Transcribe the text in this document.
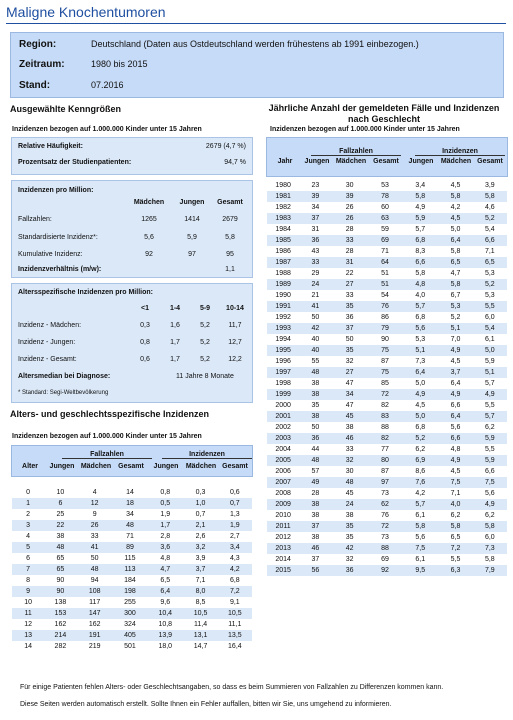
Maligne Knochentumoren
Region:	Deutschland (Daten aus Ostdeutschland werden frühestens ab 1991 einbezogen.)
Zeitraum:	1980 bis 2015
Stand:	07.2016
Ausgewählte Kenngrößen
Inzidenzen bezogen auf 1.000.000 Kinder unter 15 Jahren
Relative Häufigkeit:	2679 (4,7 %)
Prozentsatz der Studienpatienten:	94,7 %
Inzidenzen pro Million:
Mädchen	Jungen	Gesamt
Fallzahlen:	1265	1414	2679
Standardisierte Inzidenz*:	5,6	5,9	5,8
Kumulative Inzidenz:	92	97	95
Inzidenzverhältnis (m/w):	1,1
Altersspezifische Inzidenzen pro Million:
<1	1-4	5-9	10-14
Inzidenz - Mädchen:	0,3	1,6	5,2	11,7
Inzidenz - Jungen:	0,8	1,7	5,2	12,7
Inzidenz - Gesamt:	0,6	1,7	5,2	12,2
Altersmedian bei Diagnose:	11 Jahre 8 Monate
* Standard: Segi-Weltbevölkerung
Alters- und geschlechtsspezifische Inzidenzen
Inzidenzen bezogen auf 1.000.000 Kinder unter 15 Jahren
Fallzahlen	Inzidenzen
Alter	Jungen Mädchen Gesamt	Jungen	Mädchen Gesamt
0	10	4	14	0,8	0,3	0,6
1	6	12	18	0,5	1,0	0,7
2	25	9	34	1,9	0,7	1,3
3	22	26	48	1,7	2,1	1,9
4	38	33	71	2,8	2,6	2,7
5	48	41	89	3,6	3,2	3,4
6	65	50	115	4,8	3,9	4,3
7	65	48	113	4,7	3,7	4,2
8	90	94	184	6,5	7,1	6,8
9	90	108	198	6,4	8,0	7,2
10	138	117	255	9,6	8,5	9,1
11	153	147	300	10,4	10,5	10,5
12	162	162	324	10,8	11,4	11,1
13	214	191	405	13,9	13,1	13,5
14	282	219	501	18,0	14,7	16,4
Jährliche Anzahl der gemeldeten Fälle und Inzidenzen
nach Geschlecht
Inzidenzen bezogen auf 1.000.000 Kinder unter 15 Jahren
Fallzahlen	Inzidenzen
Jahr	Jungen Mädchen Gesamt	Jungen	Mädchen Gesamt
1980	23	30	53	3,4	4,5	3,9
1981	39	39	78	5,8	5,8	5,8
1982	34	26	60	4,9	4,2	4,6
1983	37	26	63	5,9	4,5	5,2
1984	31	28	59	5,7	5,0	5,4
1985	36	33	69	6,8	6,4	6,6
1986	43	28	71	8,3	5,8	7,1
1987	33	31	64	6,6	6,5	6,5
1988	29	22	51	5,8	4,7	5,3
1989	24	27	51	4,8	5,8	5,2
1990	21	33	54	4,0	6,7	5,3
1991	41	35	76	5,7	5,3	5,5
1992	50	36	86	6,8	5,2	6,0
1993	42	37	79	5,6	5,1	5,4
1994	40	50	90	5,3	7,0	6,1
1995	40	35	75	5,1	4,9	5,0
1996	55	32	87	7,3	4,5	5,9
1997	48	27	75	6,4	3,7	5,1
1998	38	47	85	5,0	6,4	5,7
1999	38	34	72	4,9	4,9	4,9
2000	35	47	82	4,5	6,6	5,5
2001	38	45	83	5,0	6,4	5,7
2002	50	38	88	6,8	5,6	6,2
2003	36	46	82	5,2	6,6	5,9
2004	44	33	77	6,2	4,8	5,5
2005	48	32	80	6,9	4,9	5,9
2006	57	30	87	8,6	4,5	6,6
2007	49	48	97	7,6	7,5	7,5
2008	28	45	73	4,2	7,1	5,6
2009	38	24	62	5,7	4,0	4,9
2010	38	38	76	6,1	6,2	6,2
2011	37	35	72	5,8	5,8	5,8
2012	38	35	73	5,6	6,5	6,0
2013	46	42	88	7,5	7,2	7,3
2014	37	32	69	6,1	5,5	5,8
2015	56	36	92	9,5	6,3	7,9
Für einige Patienten fehlen Alters- oder Geschlechtsangaben, so dass es beim Summieren von Fallzahlen zu Differenzen kommen kann.
Diese Seiten werden automatisch erstellt. Sollte Ihnen ein Fehler auffallen, bitten wir Sie, uns umgehend zu informieren.
